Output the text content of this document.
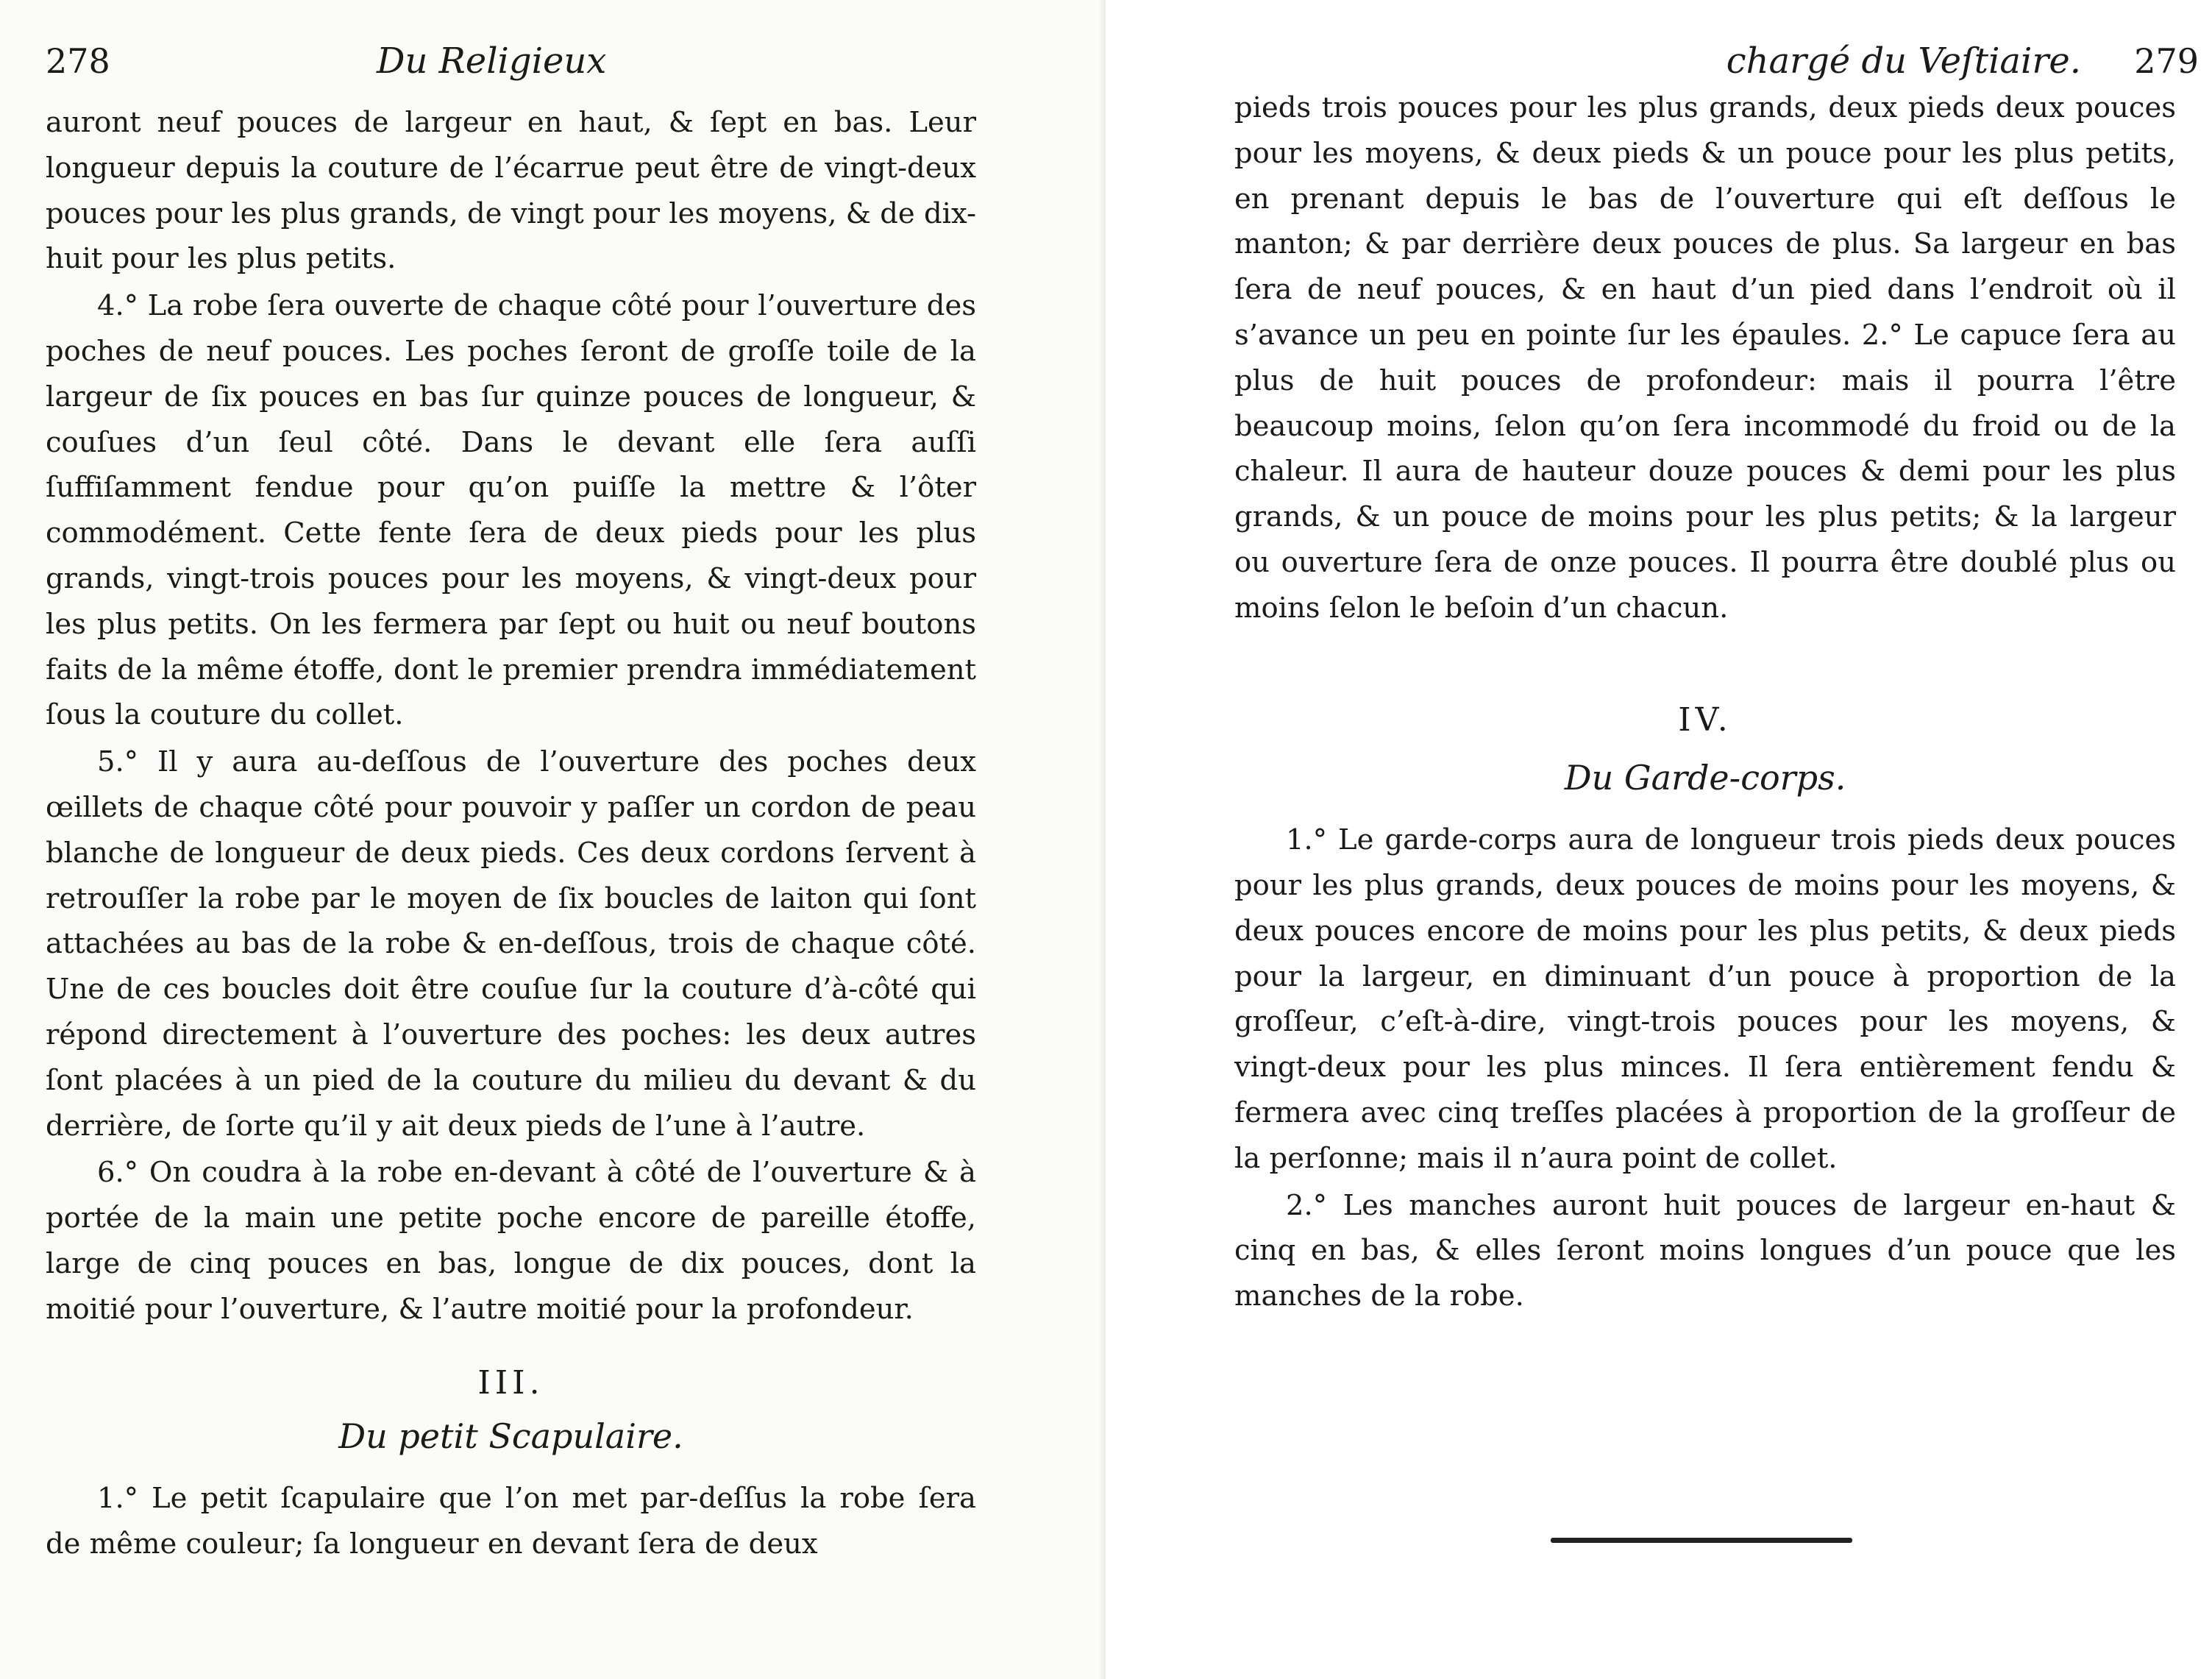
278	Du Religieux

auront neuf pouces de largeur en haut, & ſept en bas. Leur longueur depuis la couture de l’écarrue peut être de vingt-deux pouces pour les plus grands, de vingt pour les moyens, & de dix-huit pour les plus petits.

4.° La robe ſera ouverte de chaque côté pour l’ouverture des poches de neuf pouces. Les poches ſeront de groſſe toile de la largeur de ſix pouces en bas ſur quinze pouces de longueur, & couſues d’un ſeul côté. Dans le devant elle ſera auſſi ſuffiſamment fendue pour qu’on puiſſe la mettre & l’ôter commodément. Cette fente ſera de deux pieds pour les plus grands, vingt-trois pouces pour les moyens, & vingt-deux pour les plus petits. On les fermera par ſept ou huit ou neuf boutons faits de la même étoffe, dont le premier prendra immédiatement ſous la couture du collet.

5.° Il y aura au-deſſous de l’ouverture des poches deux œillets de chaque côté pour pouvoir y paſſer un cordon de peau blanche de longueur de deux pieds. Ces deux cordons ſervent à retrouſſer la robe par le moyen de ſix boucles de laiton qui ſont attachées au bas de la robe & en-deſſous, trois de chaque côté. Une de ces boucles doit être couſue ſur la couture d’à-côté qui répond directement à l’ouverture des poches: les deux autres ſont placées à un pied de la couture du milieu du devant & du derrière, de ſorte qu’il y ait deux pieds de l’une à l’autre.

6.° On coudra à la robe en-devant à côté de l’ouverture & à portée de la main une petite poche encore de pareille étoffe, large de cinq pouces en bas, longue de dix pouces, dont la moitié pour l’ouverture, & l’autre moitié pour la profondeur.

III.

Du petit Scapulaire.

1.° Le petit ſcapulaire que l’on met par-deſſus la robe ſera de même couleur; ſa longueur en devant ſera de deux

chargé du Veſtiaire. 279

pieds trois pouces pour les plus grands, deux pieds deux pouces pour les moyens, & deux pieds & un pouce pour les plus petits, en prenant depuis le bas de l’ouverture qui eſt deſſous le manton; & par derrière deux pouces de plus. Sa largeur en bas ſera de neuf pouces, & en haut d’un pied dans l’endroit où il s’avance un peu en pointe ſur les épaules. 2.° Le capuce ſera au plus de huit pouces de profondeur: mais il pourra l’être beaucoup moins, ſelon qu’on ſera incommodé du froid ou de la chaleur. Il aura de hauteur douze pouces & demi pour les plus grands, & un pouce de moins pour les plus petits; & la largeur ou ouverture ſera de onze pouces. Il pourra être doublé plus ou moins ſelon le beſoin d’un chacun.

IV.

Du Garde-corps.

1.° Le garde-corps aura de longueur trois pieds deux pouces pour les plus grands, deux pouces de moins pour les moyens, & deux pouces encore de moins pour les plus petits, & deux pieds pour la largeur, en diminuant d’un pouce à proportion de la groſſeur, c’eſt-à-dire, vingt-trois pouces pour les moyens, & vingt-deux pour les plus minces. Il ſera entièrement fendu & fermera avec cinq treſſes placées à proportion de la groſſeur de la perſonne; mais il n’aura point de collet.

2.° Les manches auront huit pouces de largeur en-haut & cinq en bas, & elles ſeront moins longues d’un pouce que les manches de la robe.
